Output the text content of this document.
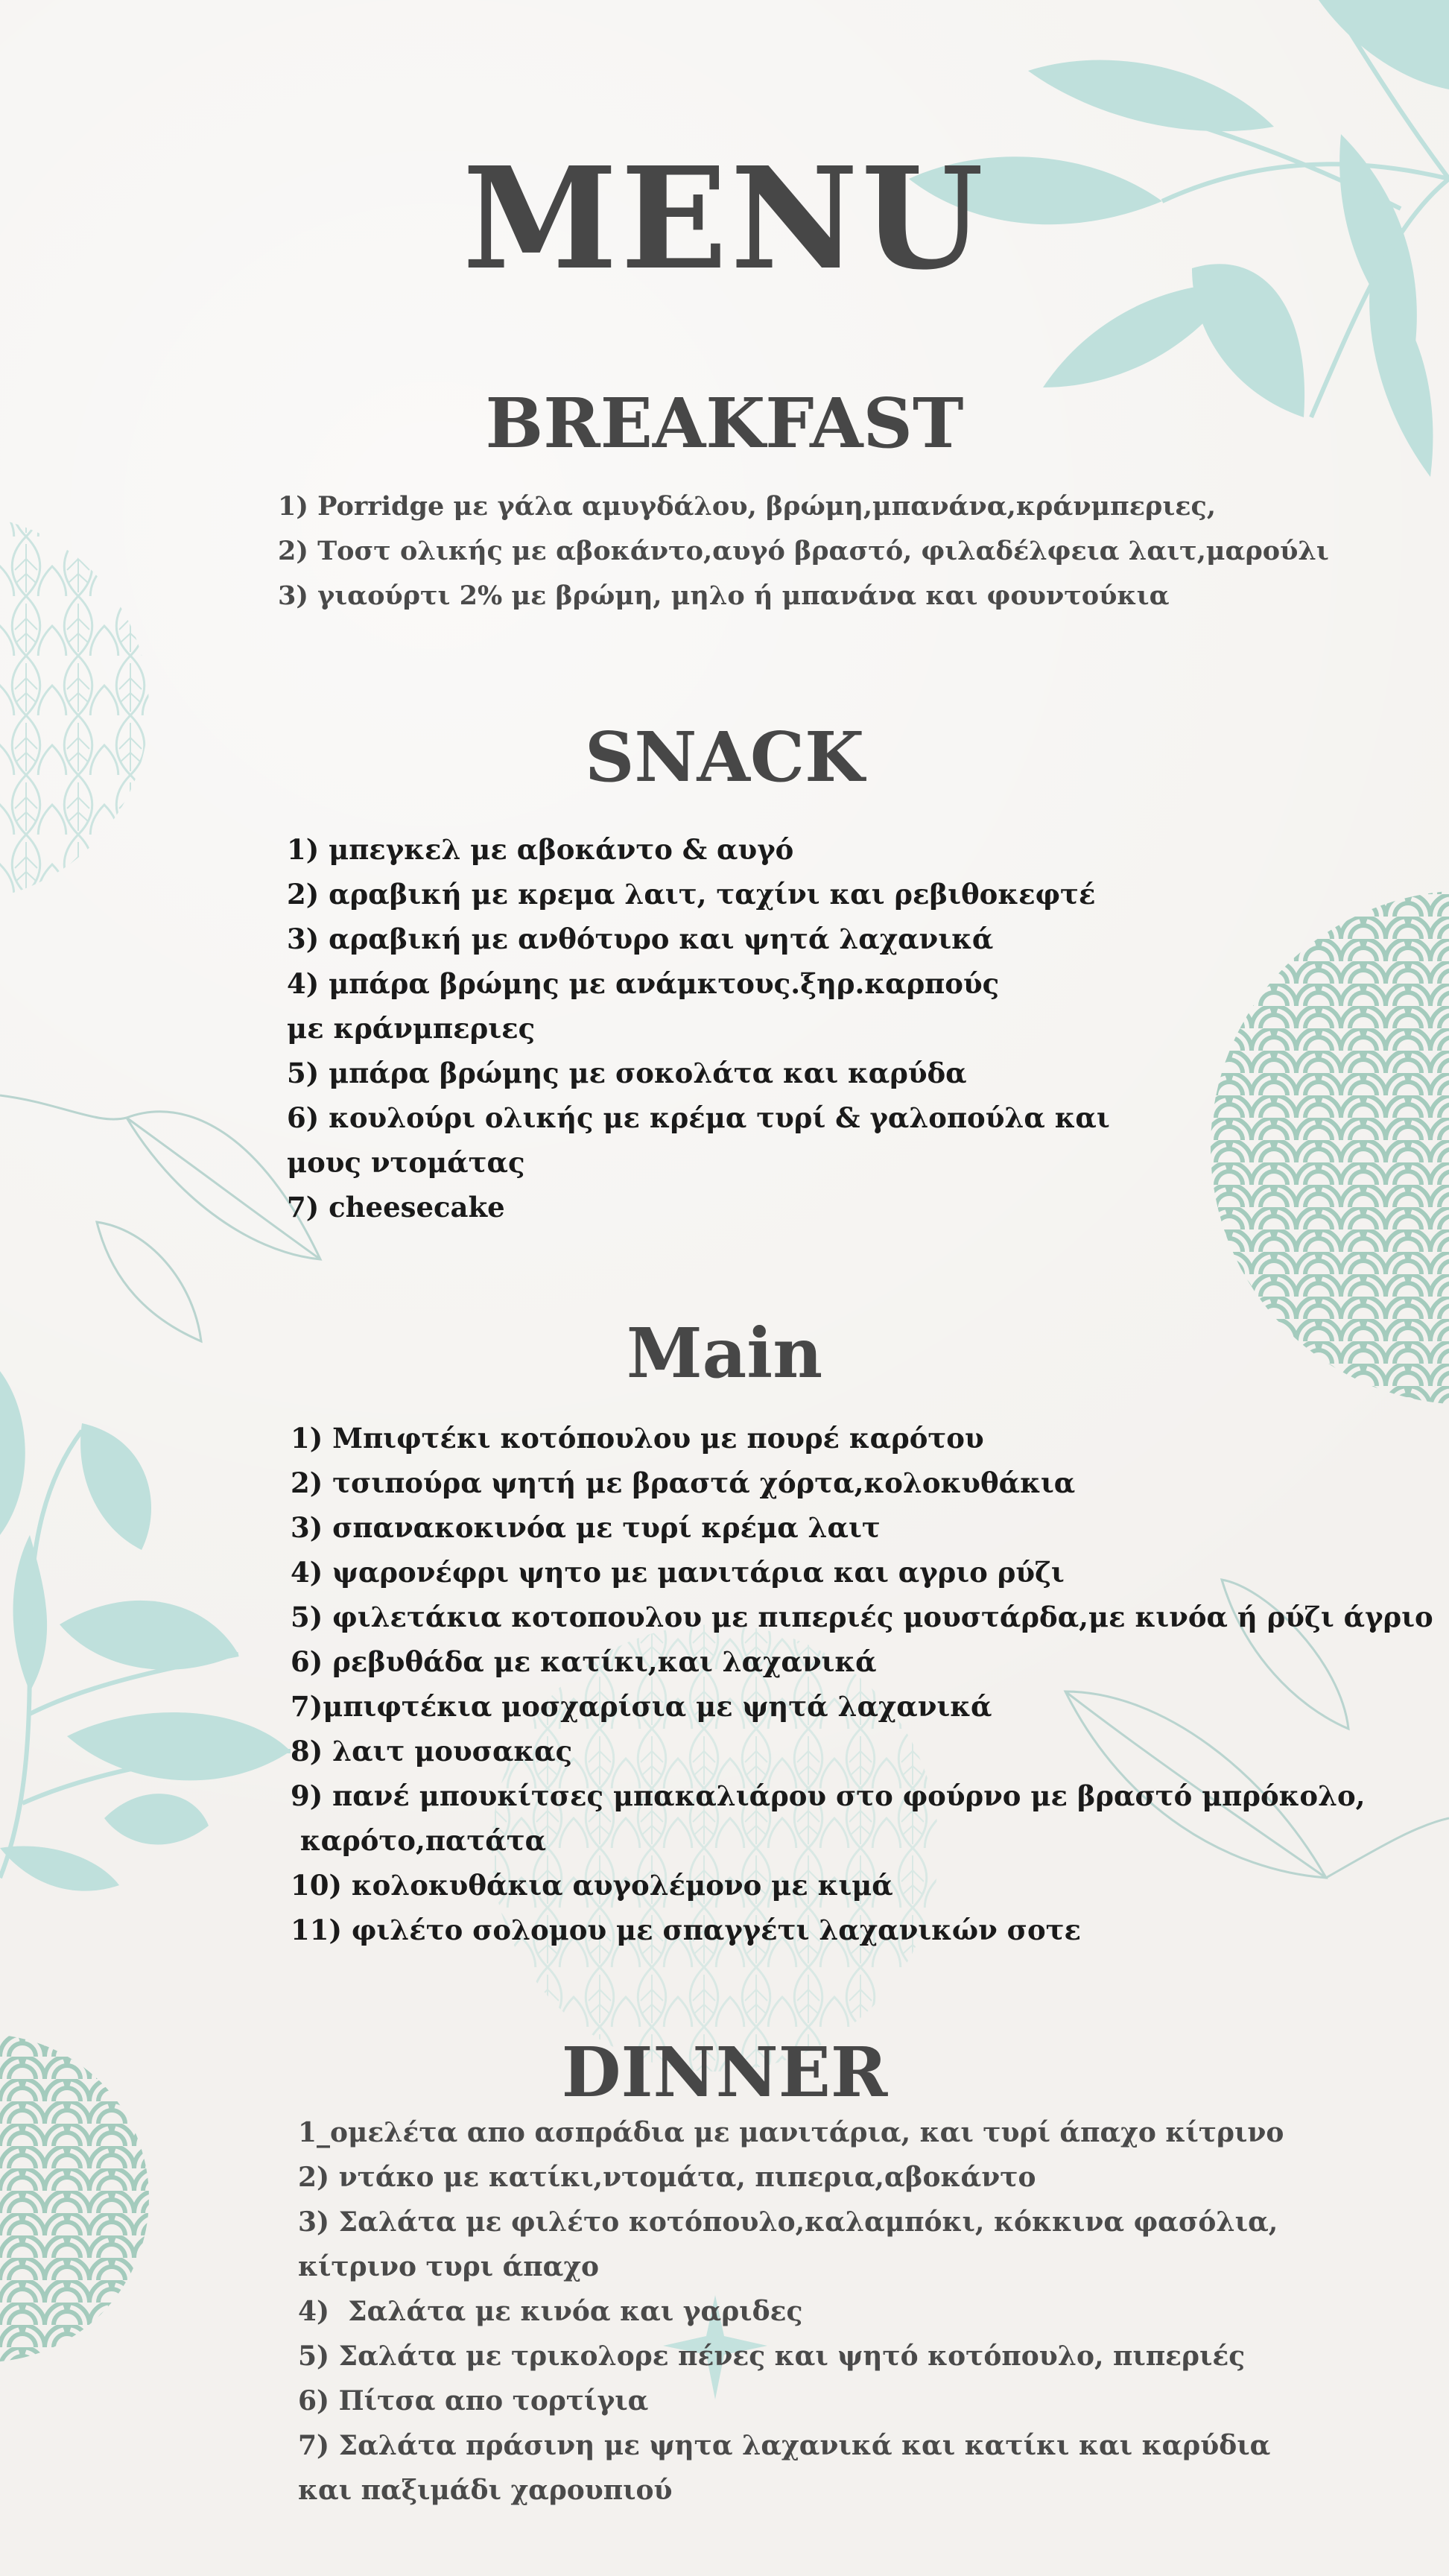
MENU
BREAKFAST
1) Porridge με γάλα αμυγδάλου, βρώμη,μπανάνα,κράνμπεριες,
2) Τοστ ολικής με αβοκάντο,αυγό βραστό, φιλαδέλφεια λαιτ,μαρούλι
3) γιαούρτι 2% με βρώμη, μηλο ή μπανάνα και φουντούκια
SNACK
1) μπεγκελ με αβοκάντο & αυγό
2) αραβική με κρεμα λαιτ, ταχίνι και ρεβιθοκεφτέ
3) αραβική με ανθότυρο και ψητά λαχανικά
4) μπάρα βρώμης με ανάμκτους.ξηρ.καρπούς
με κράνμπεριες
5) μπάρα βρώμης με σοκολάτα και καρύδα
6) κουλούρι ολικής με κρέμα τυρί & γαλοπούλα και
μους ντομάτας
7) cheesecake
Main
1) Μπιφτέκι κοτόπουλου με πουρέ καρότου
2) τσιπούρα ψητή με βραστά χόρτα,κολοκυθάκια
3) σπανακοκινόα με τυρί κρέμα λαιτ
4) ψαρονέφρι ψητο με μανιτάρια και αγριο ρύζι
5) φιλετάκια κοτοπουλου με πιπεριές μουστάρδα,με κινόα ή ρύζι άγριο
6) ρεβυθάδα με κατίκι,και λαχανικά
7)μπιφτέκια μοσχαρίσια με ψητά λαχανικά
8) λαιτ μουσακας
9) πανέ μπουκίτσες μπακαλιάρου στο φούρνο με βραστό μπρόκολο,
καρότο,πατάτα
10) κολοκυθάκια αυγολέμονο με κιμά
11) φιλέτο σολομου με σπαγγέτι λαχανικών σοτε
DINNER
1_ομελέτα απο ασπράδια με μανιτάρια, και τυρί άπαχο κίτρινο
2) ντάκο με κατίκι,ντομάτα, πιπερια,αβοκάντο
3) Σαλάτα με φιλέτο κοτόπουλο,καλαμπόκι, κόκκινα φασόλια,
κίτρινο τυρι άπαχο
4)  Σαλάτα με κινόα και γαριδες
5) Σαλάτα με τρικολορε πένες και ψητό κοτόπουλο, πιπεριές
6) Πίτσα απο τορτίγια
7) Σαλάτα πράσινη με ψητα λαχανικά και κατίκι και καρύδια
και παξιμάδι χαρουπιού
